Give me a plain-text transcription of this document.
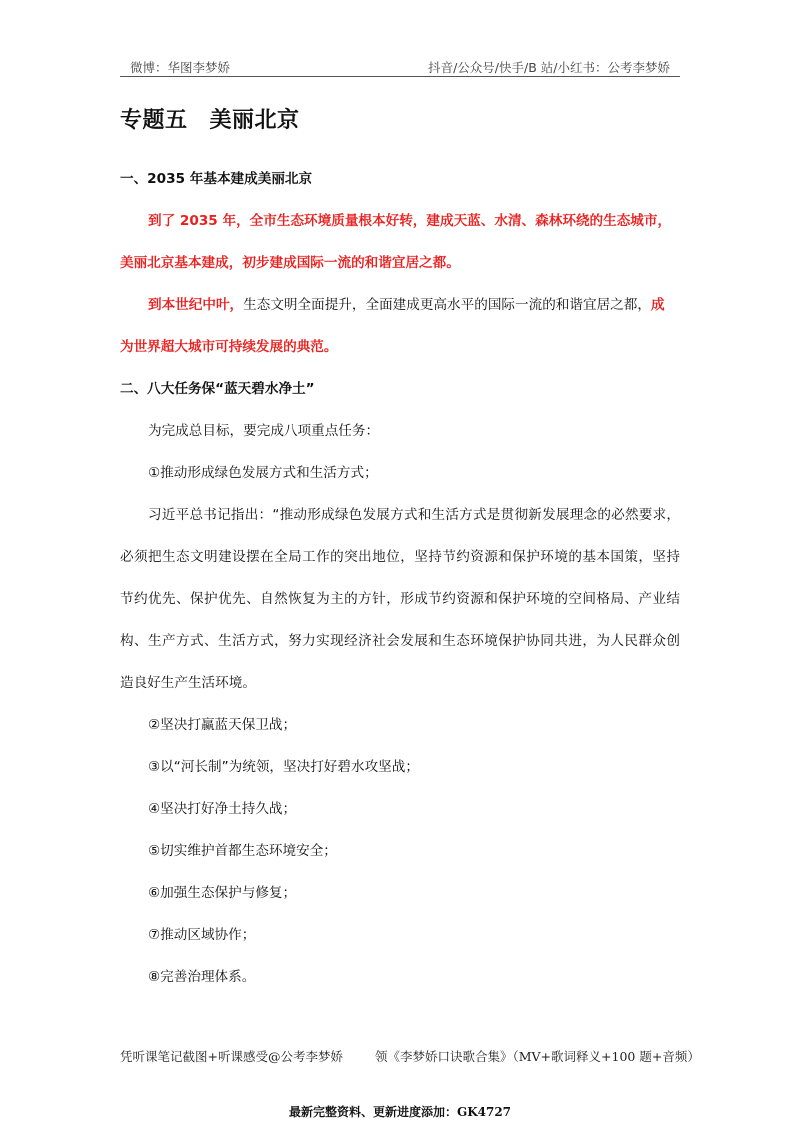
微博：华图李梦娇	抖音/公众号/快手/B 站/小红书：公考李梦娇
专题五 美丽北京
一、2035 年基本建成美丽北京
到了 2035 年，全市生态环境质量根本好转，建成天蓝、水清、森林环绕的生态城市，
美丽北京基本建成，初步建成国际一流的和谐宜居之都。
到本世纪中叶，生态文明全面提升，全面建成更高水平的国际一流的和谐宜居之都，成
为世界超大城市可持续发展的典范。
二、八大任务保“蓝天碧水净土”
为完成总目标，要完成八项重点任务：
①推动形成绿色发展方式和生活方式；
习近平总书记指出：“推动形成绿色发展方式和生活方式是贯彻新发展理念的必然要求，
必须把生态文明建设摆在全局工作的突出地位，坚持节约资源和保护环境的基本国策，坚持
节约优先、保护优先、自然恢复为主的方针，形成节约资源和保护环境的空间格局、产业结
构、生产方式、生活方式，努力实现经济社会发展和生态环境保护协同共进，为人民群众创
造良好生产生活环境。
②坚决打赢蓝天保卫战；
③以“河长制”为统领，坚决打好碧水攻坚战；
④坚决打好净土持久战；
⑤切实维护首都生态环境安全；
⑥加强生态保护与修复；
⑦推动区域协作；
⑧完善治理体系。
凭听课笔记截图+听课感受@公考李梦娇	领《李梦娇口诀歌合集》（MV+歌词释义+100 题+音频）
最新完整资料、更新进度添加：GK4727
